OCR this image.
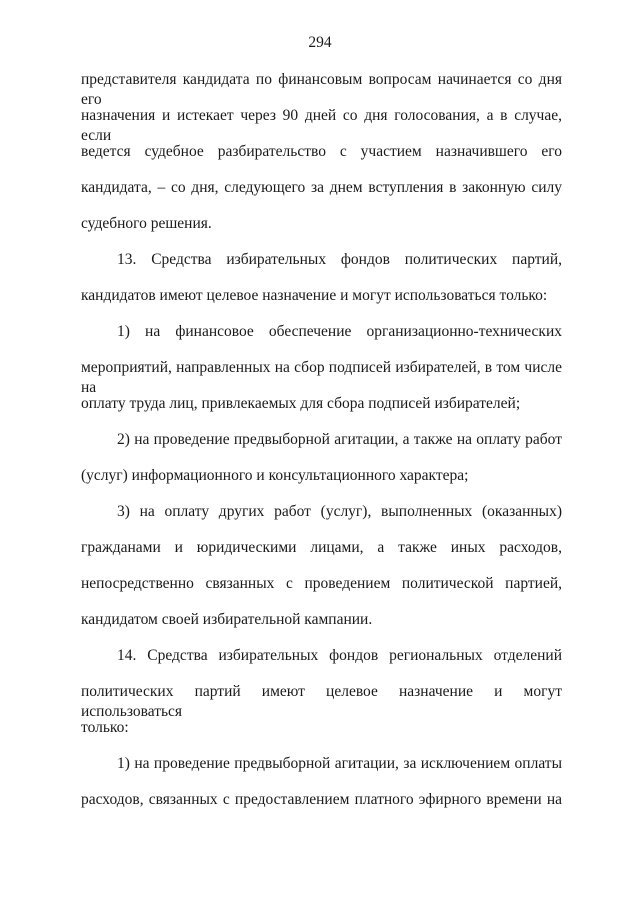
294
представителя кандидата по финансовым вопросам начинается со дня его
назначения и истекает через 90 дней со дня голосования, а в случае, если
ведется судебное разбирательство с участием назначившего его
кандидата, – со дня, следующего за днем вступления в законную силу
судебного решения.
13. Средства избирательных фондов политических партий,
кандидатов имеют целевое назначение и могут использоваться только:
1) на финансовое обеспечение организационно-технических
мероприятий, направленных на сбор подписей избирателей, в том числе на
оплату труда лиц, привлекаемых для сбора подписей избирателей;
2) на проведение предвыборной агитации, а также на оплату работ
(услуг) информационного и консультационного характера;
3) на оплату других работ (услуг), выполненных (оказанных)
гражданами и юридическими лицами, а также иных расходов,
непосредственно связанных с проведением политической партией,
кандидатом своей избирательной кампании.
14. Средства избирательных фондов региональных отделений
политических партий имеют целевое назначение и могут использоваться
только:
1) на проведение предвыборной агитации, за исключением оплаты
расходов, связанных с предоставлением платного эфирного времени на
